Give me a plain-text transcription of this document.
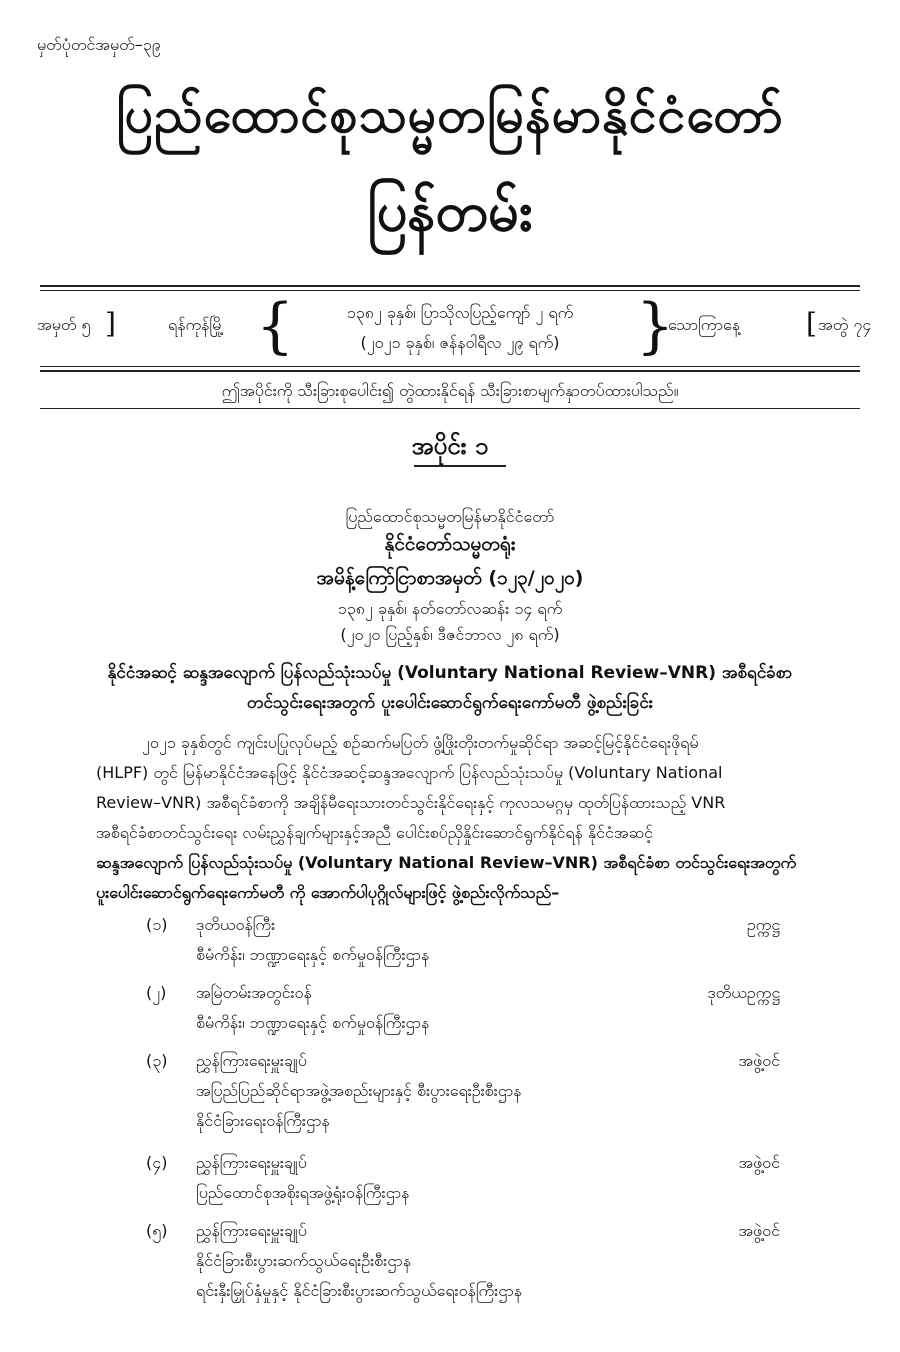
မှတ်ပုံတင်အမှတ်–၃၉
ပြည်ထောင်စုသမ္မတမြန်မာနိုင်ငံတော်
ပြန်တမ်း
အမှတ် ၅ ]	ရန်ကုန်မြို့ {	၁၃၈၂ ခုနှစ်၊ ပြာသိုလပြည့်ကျော် ၂ ရက်
(၂၀၂၁ ခုနှစ်၊ ဇန်နဝါရီလ ၂၉ ရက်)	}
သောကြာနေ့ [ အတွဲ ၇၄
ဤအပိုင်းကို သီးခြားစုပေါင်း၍ တွဲထားနိုင်ရန် သီးခြားစာမျက်နှာတပ်ထားပါသည်။
အပိုင်း ၁
ပြည်ထောင်စုသမ္မတမြန်မာနိုင်ငံတော်
နိုင်ငံတော်သမ္မတရုံး
အမိန့်ကြော်ငြာစာအမှတ် (၁၂၃/၂၀၂၀)
၁၃၈၂ ခုနှစ်၊ နတ်တော်လဆန်း ၁၄ ရက်
(၂၀၂၀ ပြည့်နှစ်၊ ဒီဇင်ဘာလ ၂၈ ရက်)
နိုင်ငံအဆင့် ဆန္ဒအလျောက် ပြန်လည်သုံးသပ်မှု (Voluntary National Review–VNR) အစီရင်ခံစာ
တင်သွင်းရေးအတွက် ပူးပေါင်းဆောင်ရွက်ရေးကော်မတီ ဖွဲ့စည်းခြင်း
၂၀၂၁ ခုနှစ်တွင် ကျင်းပပြုလုပ်မည့် စဉ်ဆက်မပြတ် ဖွံ့ဖြိုးတိုးတက်မှုဆိုင်ရာ အဆင့်မြင့်နိုင်ငံရေးဖိုရမ်
(HLPF) တွင် မြန်မာနိုင်ငံအနေဖြင့် နိုင်ငံအဆင့်ဆန္ဒအလျောက် ပြန်လည်သုံးသပ်မှု (Voluntary National
Review–VNR) အစီရင်ခံစာကို အချိန်မီရေးသားတင်သွင်းနိုင်ရေးနှင့် ကုလသမဂ္ဂမှ ထုတ်ပြန်ထားသည့် VNR
အစီရင်ခံစာတင်သွင်းရေး လမ်းညွှန်ချက်များနှင့်အညီ ပေါင်းစပ်ညှိနှိုင်းဆောင်ရွက်နိုင်ရန် နိုင်ငံအဆင့်
ဆန္ဒအလျောက် ပြန်လည်သုံးသပ်မှု (Voluntary National Review–VNR) အစီရင်ခံစာ တင်သွင်းရေးအတွက်
ပူးပေါင်းဆောင်ရွက်ရေးကော်မတီ ကို အောက်ပါပုဂ္ဂိုလ်များဖြင့် ဖွဲ့စည်းလိုက်သည်–
(၁) ဒုတိယဝန်ကြီး	ဥက္ကဋ္ဌ
စီမံကိန်း၊ ဘဏ္ဍာရေးနှင့် စက်မှုဝန်ကြီးဌာန
(၂) အမြဲတမ်းအတွင်းဝန်	ဒုတိယဥက္ကဋ္ဌ
စီမံကိန်း၊ ဘဏ္ဍာရေးနှင့် စက်မှုဝန်ကြီးဌာန
(၃) ညွှန်ကြားရေးမှူးချုပ်	အဖွဲ့ဝင်
အပြည်ပြည်ဆိုင်ရာအဖွဲ့အစည်းများနှင့် စီးပွားရေးဦးစီးဌာန
နိုင်ငံခြားရေးဝန်ကြီးဌာန
(၄) ညွှန်ကြားရေးမှူးချုပ်	အဖွဲ့ဝင်
ပြည်ထောင်စုအစိုးရအဖွဲ့ရုံးဝန်ကြီးဌာန
(၅) ညွှန်ကြားရေးမှူးချုပ်	အဖွဲ့ဝင်
နိုင်ငံခြားစီးပွားဆက်သွယ်ရေးဦးစီးဌာန
ရင်းနှီးမြှုပ်နှံမှုနှင့် နိုင်ငံခြားစီးပွားဆက်သွယ်ရေးဝန်ကြီးဌာန
